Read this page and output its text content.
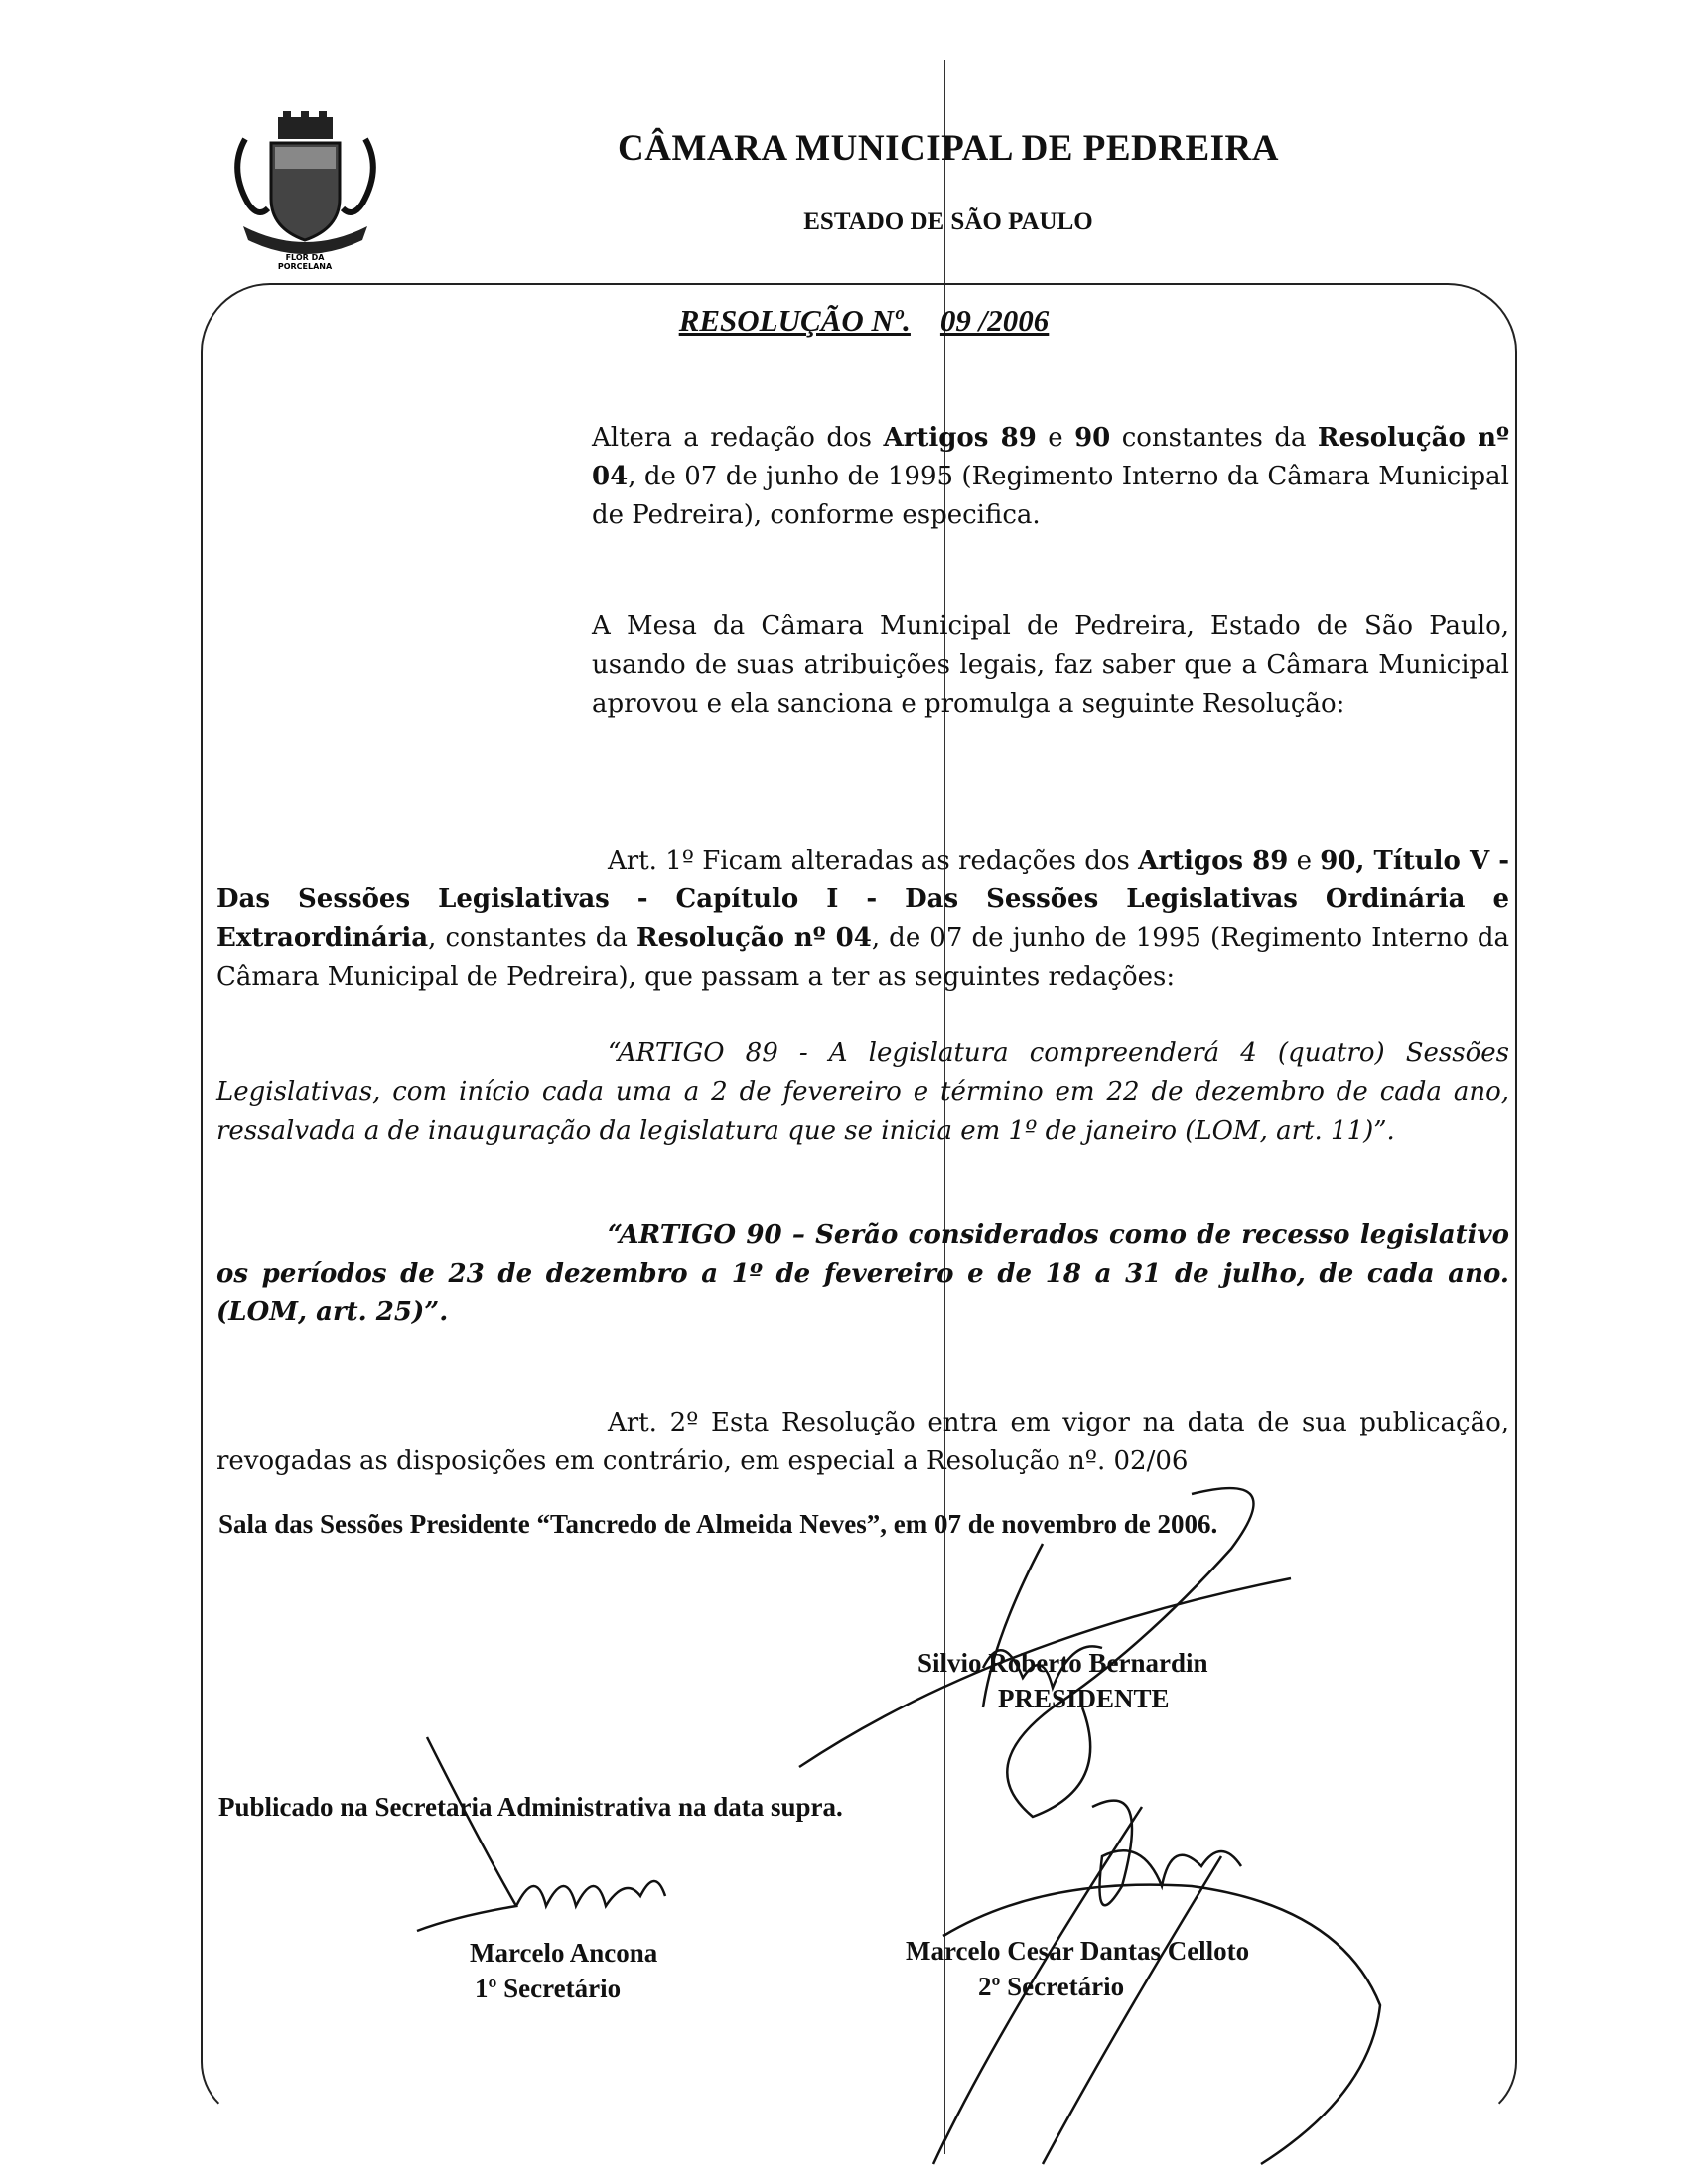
FLOR DA
PORCELANA
CÂMARA MUNICIPAL DE PEDREIRA
ESTADO DE SÃO PAULO
RESOLUÇÃO Nº. 09 /2006
Altera a redação dos Artigos 89 e 90 constantes da Resolução nº 04, de 07 de junho de 1995 (Regimento Interno da Câmara Municipal de Pedreira), conforme especifica.
A Mesa da Câmara Municipal de Pedreira, Estado de São Paulo, usando de suas atribuições legais, faz saber que a Câmara Municipal aprovou e ela sanciona e promulga a seguinte Resolução:
Art. 1º Ficam alteradas as redações dos Artigos 89 e 90, Título V - Das Sessões Legislativas - Capítulo I - Das Sessões Legislativas Ordinária e Extraordinária, constantes da Resolução nº 04, de 07 de junho de 1995 (Regimento Interno da Câmara Municipal de Pedreira), que passam a ter as seguintes redações:
“ARTIGO 89 - A legislatura compreenderá 4 (quatro) Sessões Legislativas, com início cada uma a 2 de fevereiro e término em 22 de dezembro de cada ano, ressalvada a de inauguração da legislatura que se inicia em 1º de janeiro (LOM, art. 11)”.
“ARTIGO 90 – Serão considerados como de recesso legislativo os períodos de 23 de dezembro a 1º de fevereiro e de 18 a 31 de julho, de cada ano. (LOM, art. 25)”.
Art. 2º Esta Resolução entra em vigor na data de sua publicação, revogadas as disposições em contrário, em especial a Resolução nº. 02/06
Sala das Sessões Presidente “Tancredo de Almeida Neves”, em 07 de novembro de 2006.
Silvio Roberto Bernardin
PRESIDENTE
Publicado na Secretaria Administrativa na data supra.
Marcelo Ancona
1º Secretário
Marcelo Cesar Dantas Celloto
2º Secretário
